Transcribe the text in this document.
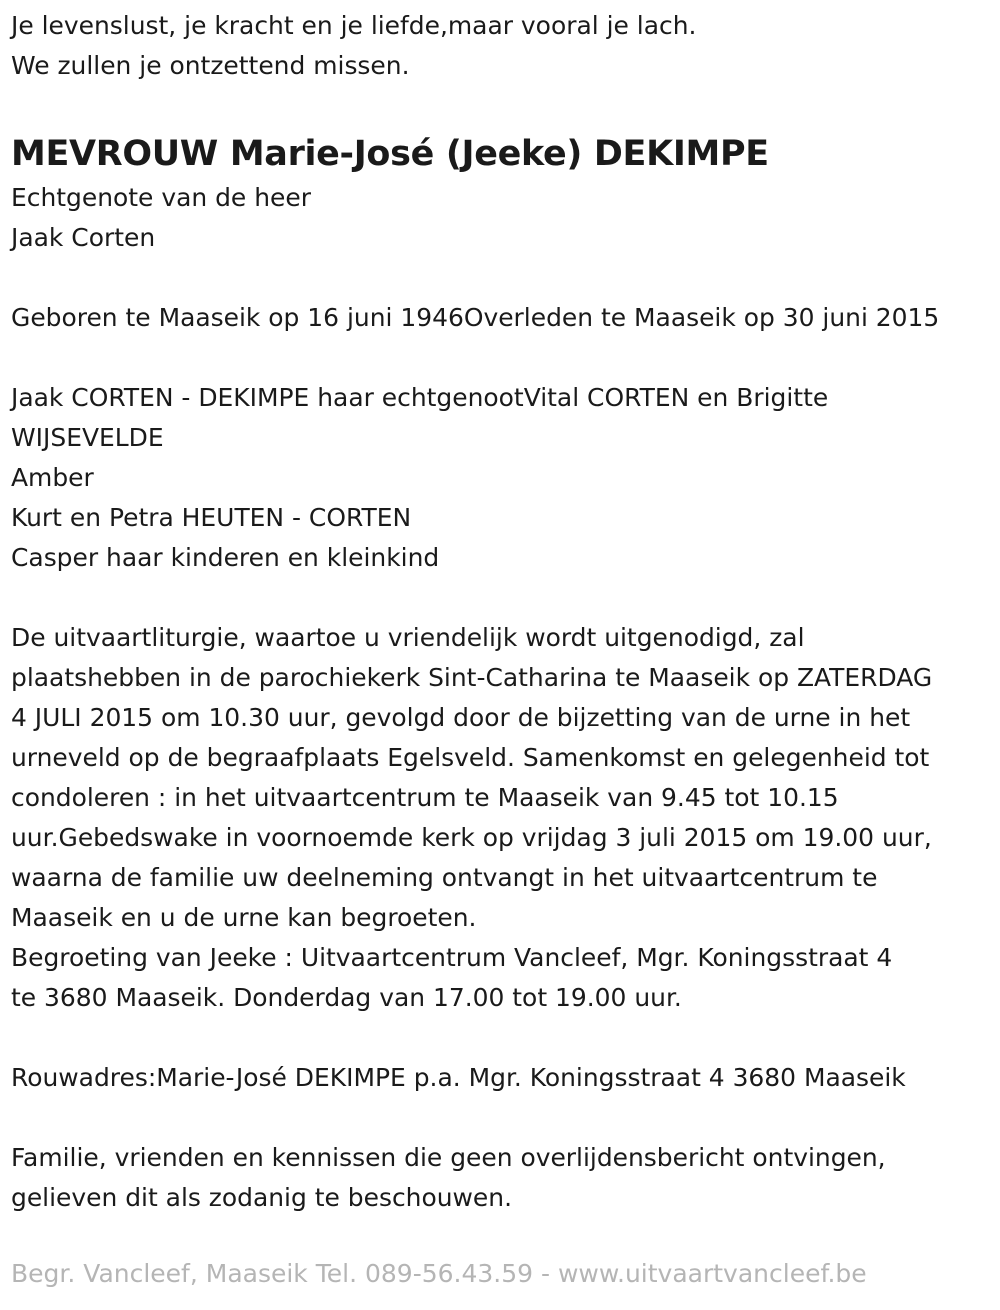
Je levenslust, je kracht en je liefde,maar vooral je lach.

We zullen je ontzettend missen.

MEVROUW Marie-José (Jeeke) DEKIMPE

Echtgenote van de heer

Jaak Corten

Geboren te Maaseik op 16 juni 1946Overleden te Maaseik op 30 juni 2015

Jaak CORTEN - DEKIMPE haar echtgenootVital CORTEN en Brigitte

WIJSEVELDE

Amber

Kurt en Petra HEUTEN - CORTEN

Casper haar kinderen en kleinkind

De uitvaartliturgie, waartoe u vriendelijk wordt uitgenodigd, zal

plaatshebben in de parochiekerk Sint-Catharina te Maaseik op ZATERDAG

4 JULI 2015 om 10.30 uur, gevolgd door de bijzetting van de urne in het

urneveld op de begraafplaats Egelsveld. Samenkomst en gelegenheid tot

condoleren : in het uitvaartcentrum te Maaseik van 9.45 tot 10.15

uur.Gebedswake in voornoemde kerk op vrijdag 3 juli 2015 om 19.00 uur,

waarna de familie uw deelneming ontvangt in het uitvaartcentrum te

Maaseik en u de urne kan begroeten.

Begroeting van Jeeke : Uitvaartcentrum Vancleef, Mgr. Koningsstraat 4

te 3680 Maaseik. Donderdag van 17.00 tot 19.00 uur.

Rouwadres:Marie-José DEKIMPE p.a. Mgr. Koningsstraat 4 3680 Maaseik

Familie, vrienden en kennissen die geen overlijdensbericht ontvingen,

gelieven dit als zodanig te beschouwen.

Begr. Vancleef, Maaseik Tel. 089-56.43.59 - www.uitvaartvancleef.be
